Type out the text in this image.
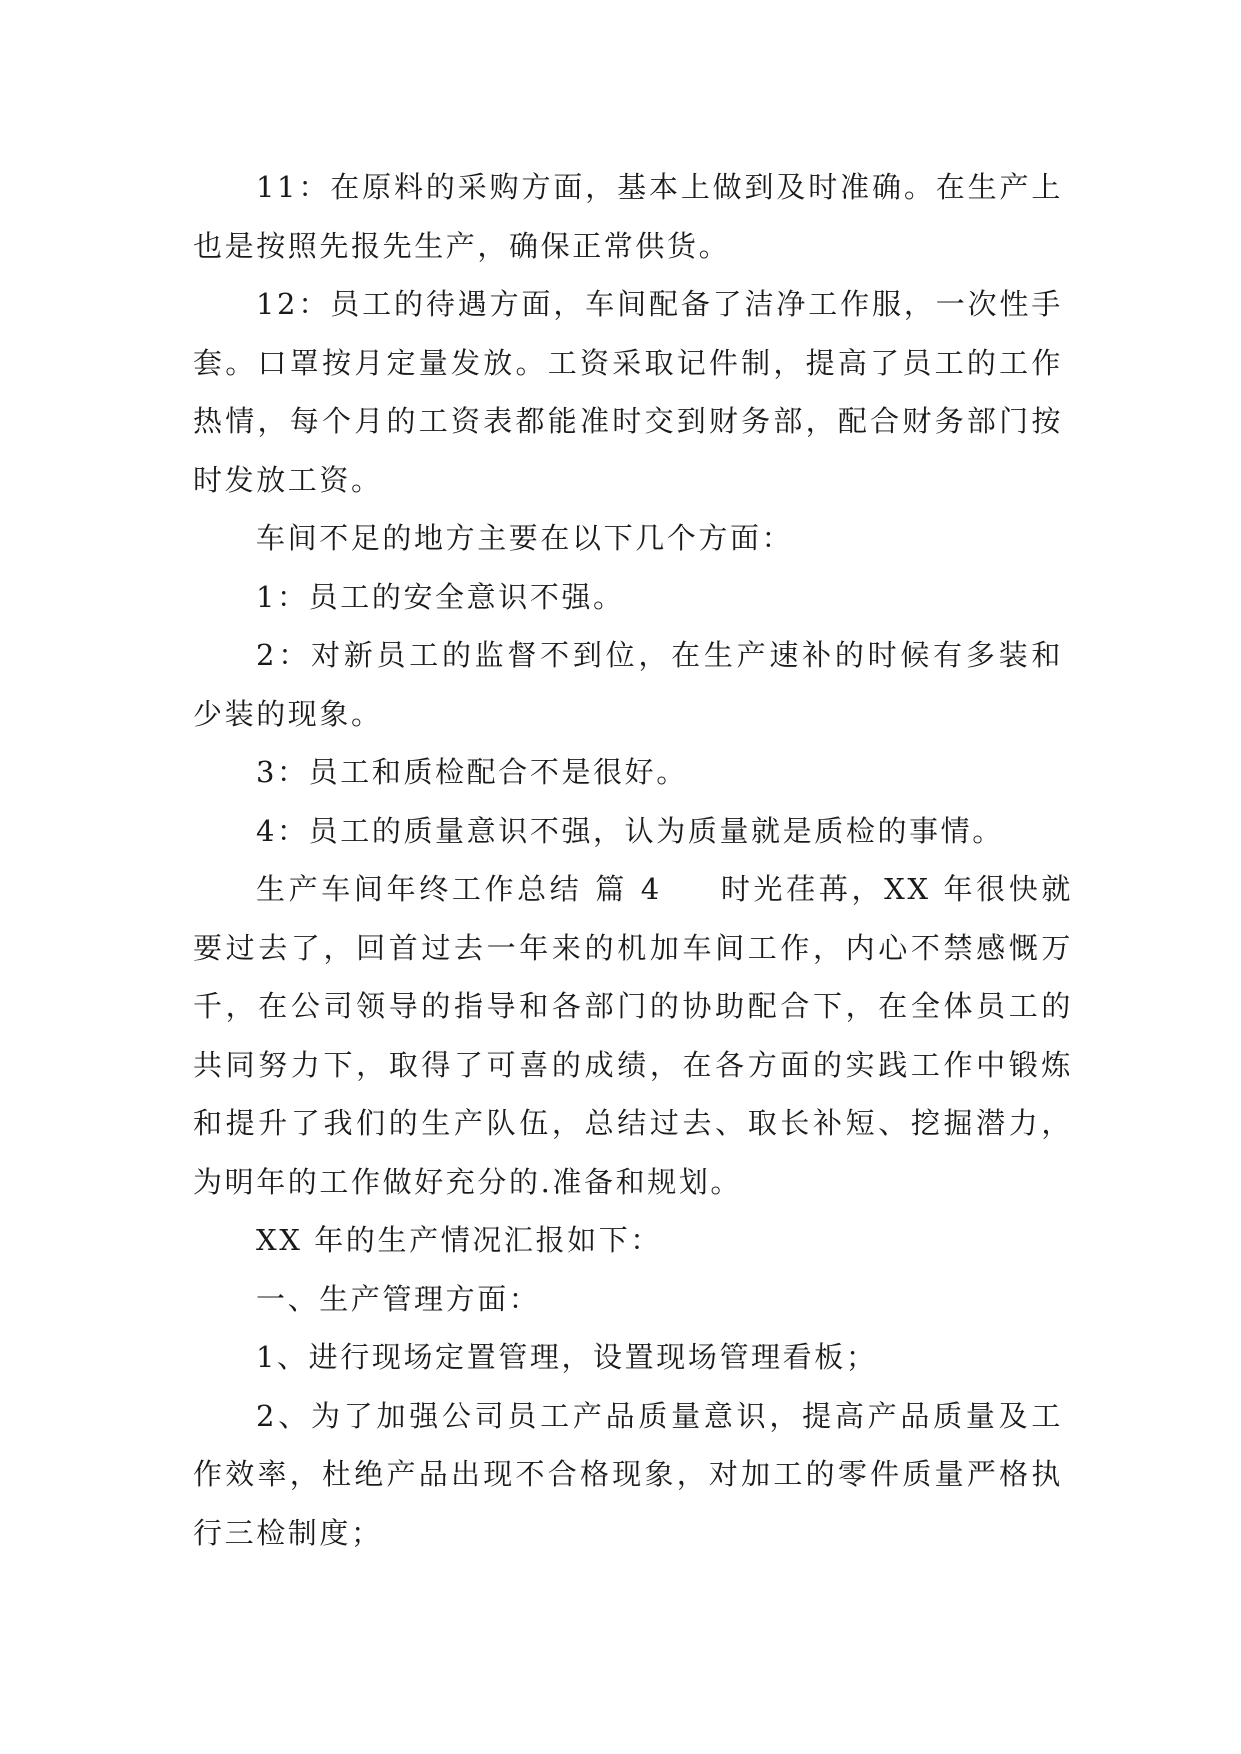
11：在原料的采购方面，基本上做到及时准确。在生产上也是按照先报先生产，确保正常供货。

12：员工的待遇方面，车间配备了洁净工作服，一次性手套。口罩按月定量发放。工资采取记件制，提高了员工的工作热情，每个月的工资表都能准时交到财务部，配合财务部门按时发放工资。

车间不足的地方主要在以下几个方面：

1：员工的安全意识不强。

2：对新员工的监督不到位，在生产速补的时候有多装和少装的现象。

3：员工和质检配合不是很好。

4：员工的质量意识不强，认为质量就是质检的事情。

生产车间年终工作总结 篇 4 时光荏苒，XX 年很快就要过去了，回首过去一年来的机加车间工作，内心不禁感慨万千，在公司领导的指导和各部门的协助配合下，在全体员工的共同努力下，取得了可喜的成绩，在各方面的实践工作中锻炼和提升了我们的生产队伍，总结过去、取长补短、挖掘潜力，为明年的工作做好充分的.准备和规划。

XX 年的生产情况汇报如下：

一、生产管理方面：

1、进行现场定置管理，设置现场管理看板；

2、为了加强公司员工产品质量意识，提高产品质量及工作效率，杜绝产品出现不合格现象，对加工的零件质量严格执行三检制度；
